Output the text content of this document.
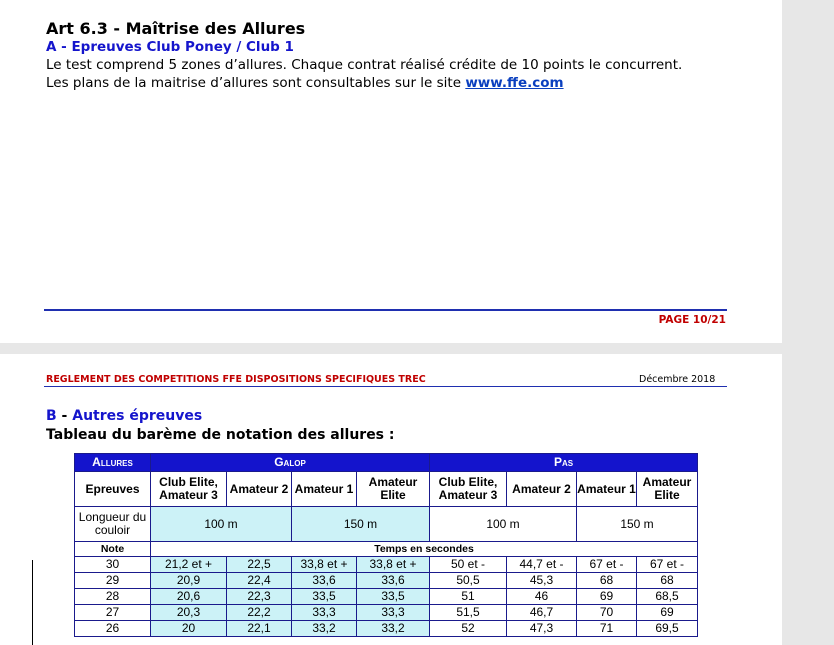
Art 6.3 - Maîtrise des Allures
A - Epreuves Club Poney / Club 1
Le test comprend 5 zones d’allures. Chaque contrat réalisé crédite de 10 points le concurrent.
Les plans de la maitrise d’allures sont consultables sur le site www.ffe.com
PAGE 10/21
REGLEMENT DES COMPETITIONS FFE DISPOSITIONS SPECIFIQUES TREC	Décembre 2018
B - Autres épreuves
Tableau du barème de notation des allures :
Allures	Galop				Pas			
Epreuves	Club Elite, Amateur 3	Amateur 2	Amateur 1	Amateur Elite	Club Elite, Amateur 3	Amateur 2	Amateur 1	Amateur Elite
Longueur du couloir	100 m		150 m		100 m		150 m	
Note	Temps en secondes							
30	21,2 et +	22,5	33,8 et +	33,8 et +	50 et -	44,7 et -	67 et -	67 et -
29	20,9	22,4	33,6	33,6	50,5	45,3	68	68
28	20,6	22,3	33,5	33,5	51	46	69	68,5
27	20,3	22,2	33,3	33,3	51,5	46,7	70	69
26	20	22,1	33,2	33,2	52	47,3	71	69,5
